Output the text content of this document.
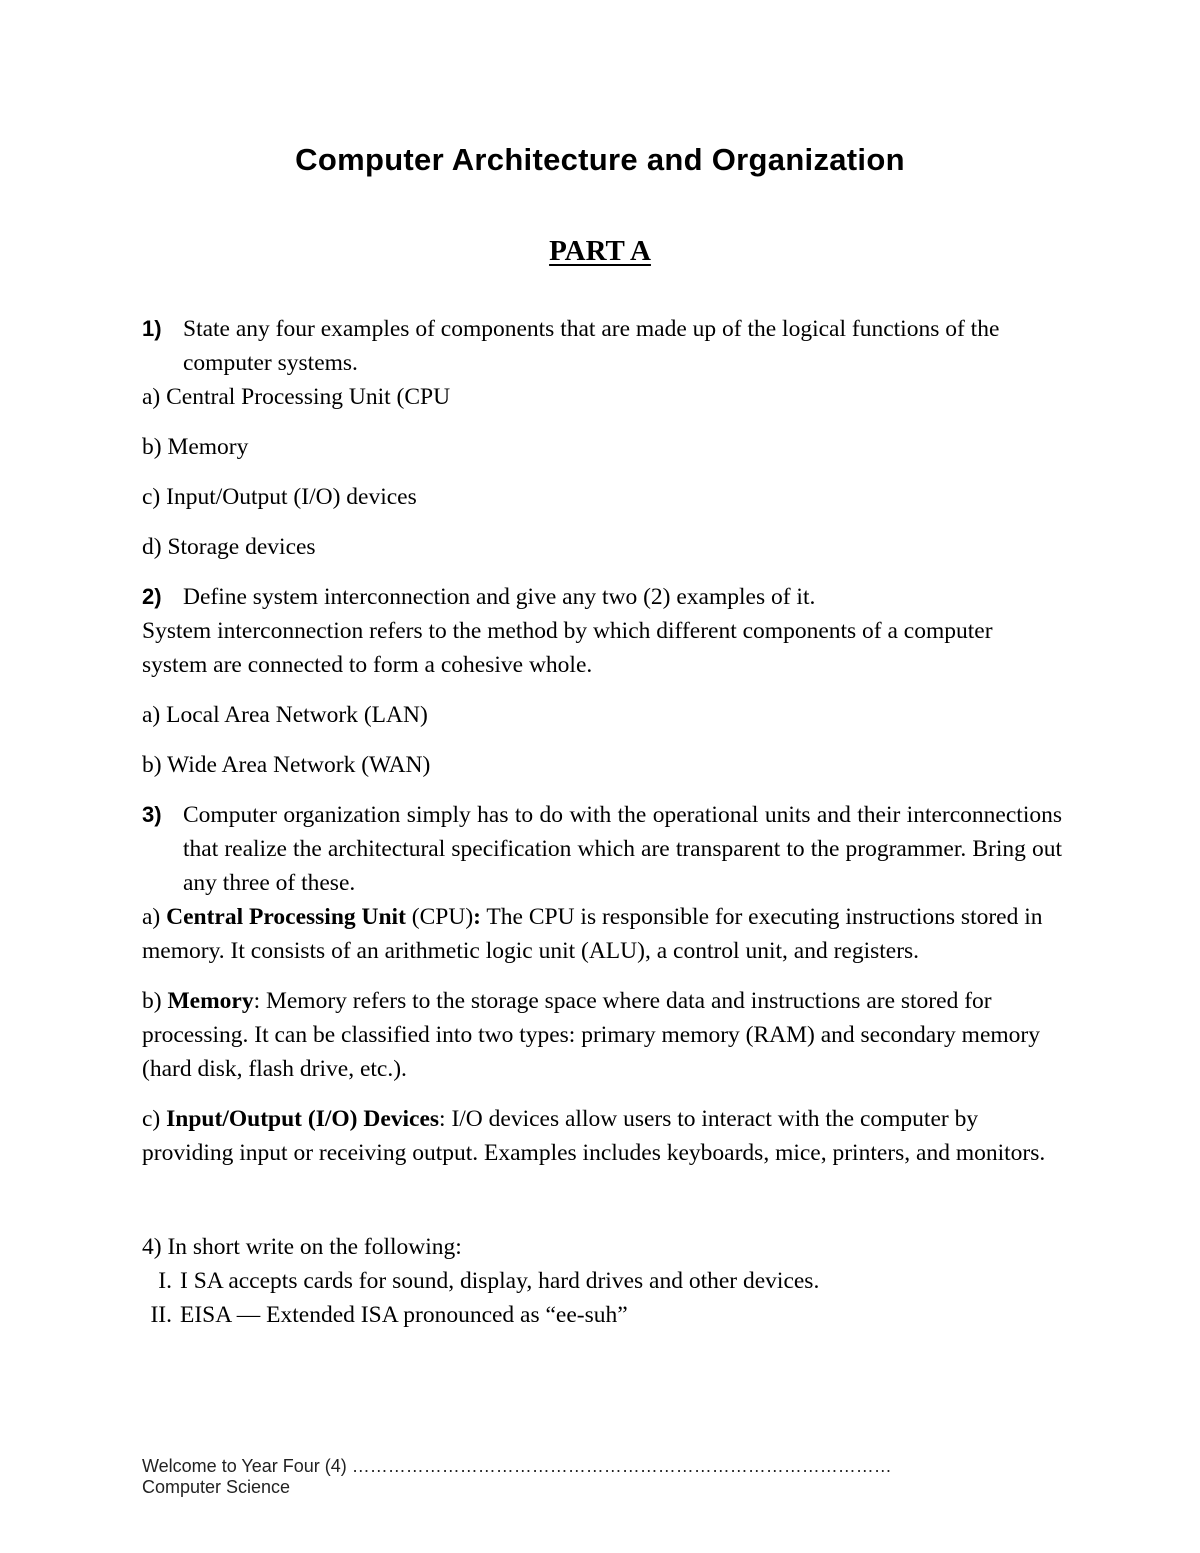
Computer Architecture and Organization
PART A
1) State any four examples of components that are made up of the logical functions of the computer systems.

a) Central Processing Unit (CPU

b) Memory

c) Input/Output (I/O) devices

d) Storage devices

2) Define system interconnection and give any two (2) examples of it.

System interconnection refers to the method by which different components of a computer system are connected to form a cohesive whole.

a) Local Area Network (LAN)

b) Wide Area Network (WAN)

3) Computer organization simply has to do with the operational units and their interconnections that realize the architectural specification which are transparent to the programmer. Bring out any three of these.

a) Central Processing Unit (CPU): The CPU is responsible for executing instructions stored in memory. It consists of an arithmetic logic unit (ALU), a control unit, and registers.

b) Memory: Memory refers to the storage space where data and instructions are stored for processing. It can be classified into two types: primary memory (RAM) and secondary memory (hard disk, flash drive, etc.).

c) Input/Output (I/O) Devices: I/O devices allow users to interact with the computer by providing input or receiving output. Examples includes keyboards, mice, printers, and monitors.

4) In short write on the following:

I. I SA accepts cards for sound, display, hard drives and other devices.

II. EISA — Extended ISA pronounced as “ee-suh”

Welcome to Year Four (4) ……………………………………………………………………………… Computer Science
